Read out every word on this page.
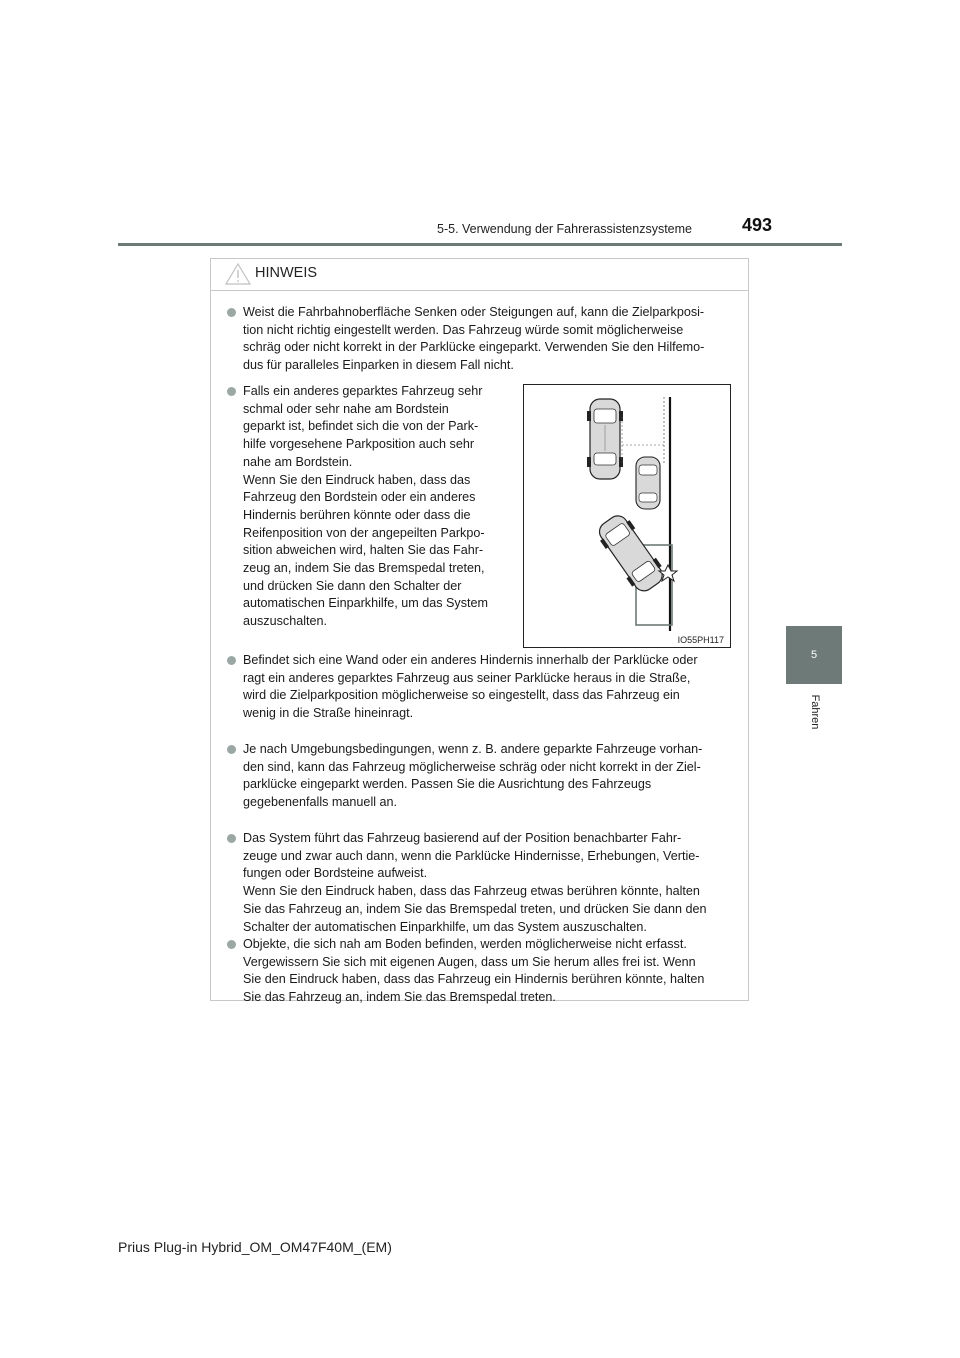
5-5. Verwendung der Fahrerassistenzsysteme	493
5
Fahren
HINWEIS
Weist die Fahrbahnoberfläche Senken oder Steigungen auf, kann die Zielparkposi-
tion nicht richtig eingestellt werden. Das Fahrzeug würde somit möglicherweise
schräg oder nicht korrekt in der Parklücke eingeparkt. Verwenden Sie den Hilfemo-
dus für paralleles Einparken in diesem Fall nicht.
Falls ein anderes geparktes Fahrzeug sehr
schmal oder sehr nahe am Bordstein
geparkt ist, befindet sich die von der Park-
hilfe vorgesehene Parkposition auch sehr
nahe am Bordstein.
Wenn Sie den Eindruck haben, dass das
Fahrzeug den Bordstein oder ein anderes
Hindernis berühren könnte oder dass die
Reifenposition von der angepeilten Parkpo-
sition abweichen wird, halten Sie das Fahr-
zeug an, indem Sie das Bremspedal treten,
und drücken Sie dann den Schalter der
automatischen Einparkhilfe, um das System
auszuschalten.
IO55PH117
Befindet sich eine Wand oder ein anderes Hindernis innerhalb der Parklücke oder
ragt ein anderes geparktes Fahrzeug aus seiner Parklücke heraus in die Straße,
wird die Zielparkposition möglicherweise so eingestellt, dass das Fahrzeug ein
wenig in die Straße hineinragt.
Je nach Umgebungsbedingungen, wenn z. B. andere geparkte Fahrzeuge vorhan-
den sind, kann das Fahrzeug möglicherweise schräg oder nicht korrekt in der Ziel-
parklücke eingeparkt werden. Passen Sie die Ausrichtung des Fahrzeugs
gegebenenfalls manuell an.
Das System führt das Fahrzeug basierend auf der Position benachbarter Fahr-
zeuge und zwar auch dann, wenn die Parklücke Hindernisse, Erhebungen, Vertie-
fungen oder Bordsteine aufweist.
Wenn Sie den Eindruck haben, dass das Fahrzeug etwas berühren könnte, halten
Sie das Fahrzeug an, indem Sie das Bremspedal treten, und drücken Sie dann den
Schalter der automatischen Einparkhilfe, um das System auszuschalten.
Objekte, die sich nah am Boden befinden, werden möglicherweise nicht erfasst.
Vergewissern Sie sich mit eigenen Augen, dass um Sie herum alles frei ist. Wenn
Sie den Eindruck haben, dass das Fahrzeug ein Hindernis berühren könnte, halten
Sie das Fahrzeug an, indem Sie das Bremspedal treten.
Prius Plug-in Hybrid_OM_OM47F40M_(EM)
